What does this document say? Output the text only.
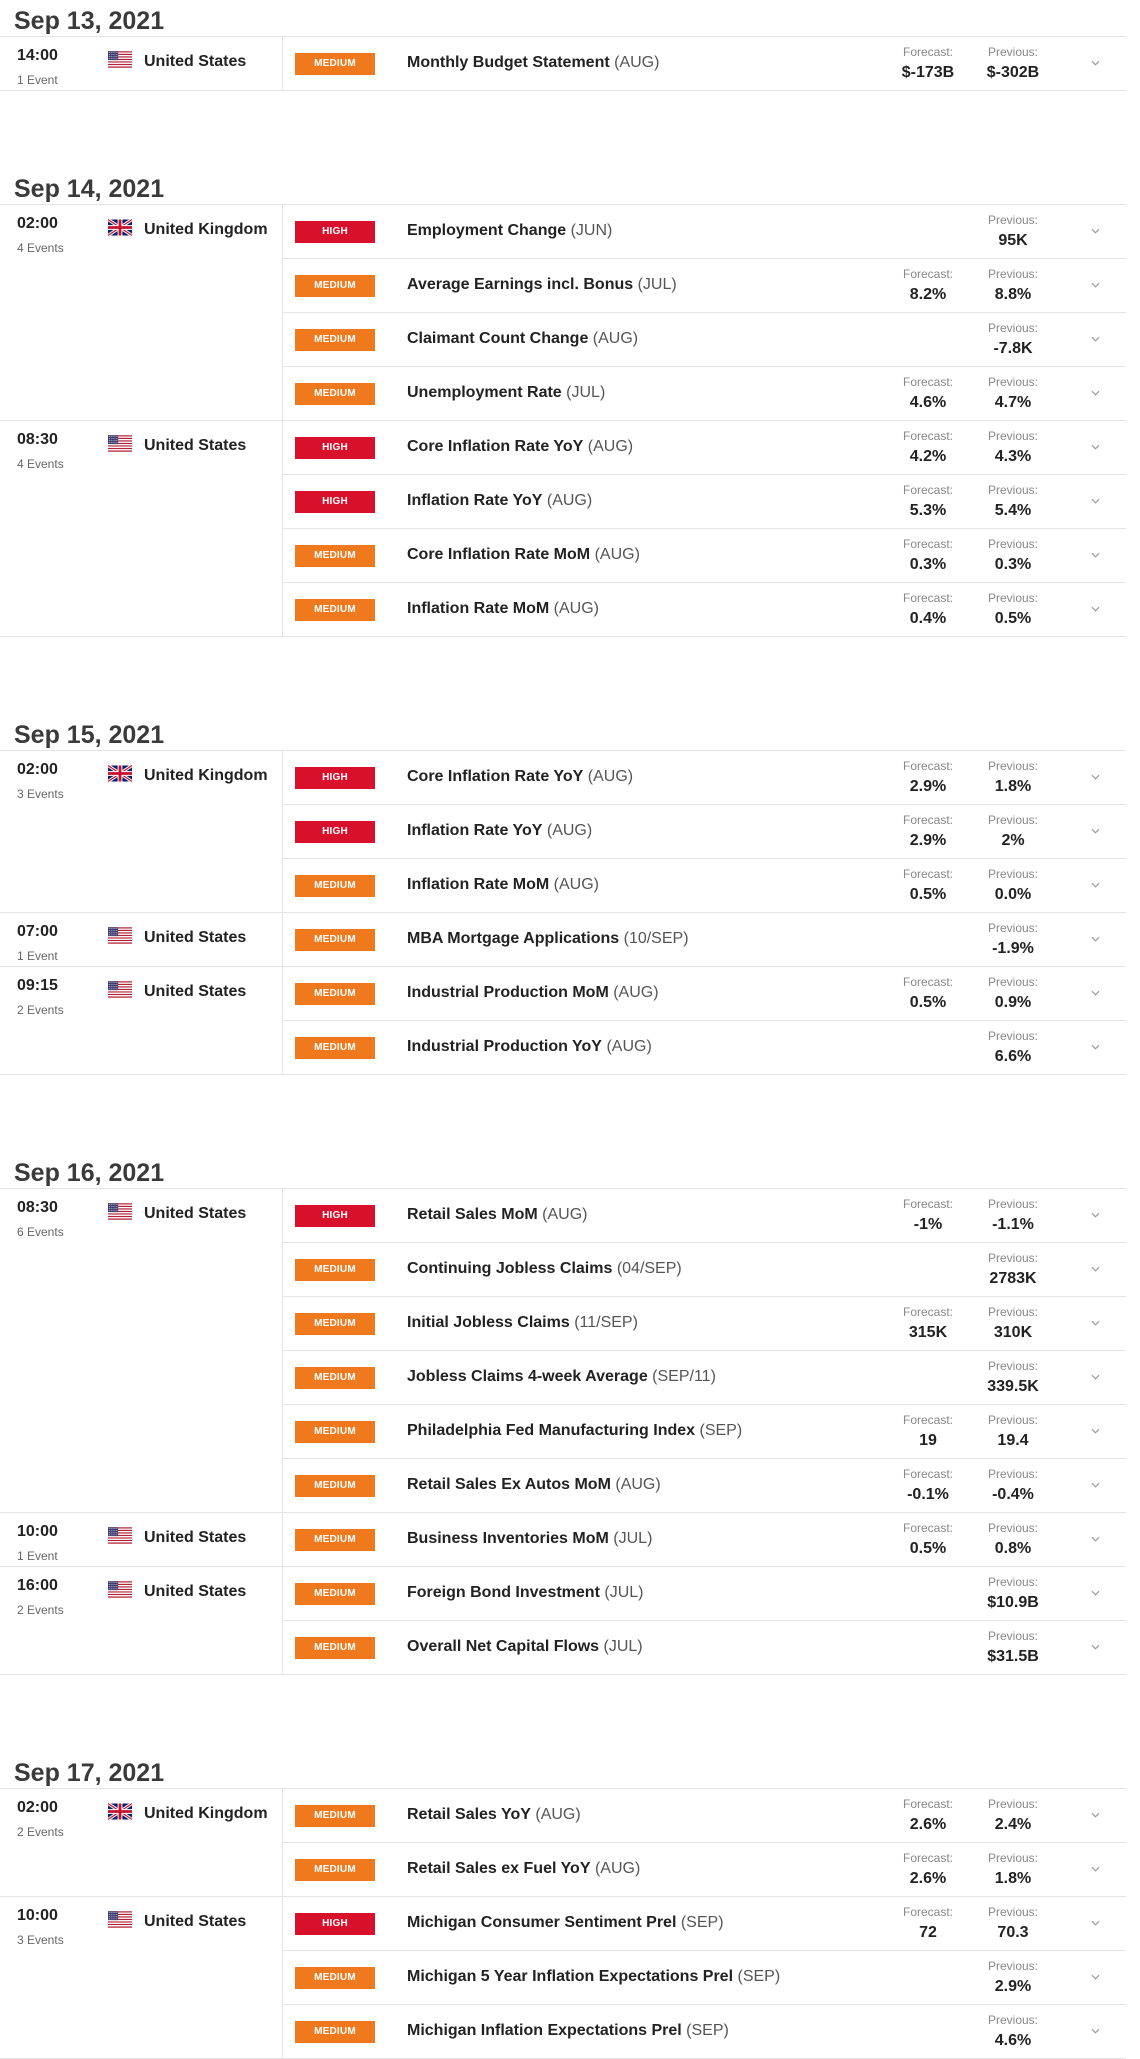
Sep 13, 2021
14:00
1 Event
United States	MEDIUM	Monthly Budget Statement (AUG)
Forecast:
$-173B
Previous:
$-302B
Sep 14, 2021
02:00
4 Events
United Kingdom	HIGH	Employment Change (JUN)
Previous:
95K
MEDIUM	Average Earnings incl. Bonus (JUL)
Forecast:
8.2%
Previous:
8.8%
MEDIUM	Claimant Count Change (AUG)
Previous:
-7.8K
MEDIUM	Unemployment Rate (JUL)
Forecast:
4.6%
Previous:
4.7%
08:30
4 Events
United States	HIGH	Core Inflation Rate YoY (AUG)
Forecast:
4.2%
Previous:
4.3%
HIGH	Inflation Rate YoY (AUG)
Forecast:
5.3%
Previous:
5.4%
MEDIUM	Core Inflation Rate MoM (AUG)
Forecast:
0.3%
Previous:
0.3%
MEDIUM	Inflation Rate MoM (AUG)
Forecast:
0.4%
Previous:
0.5%
Sep 15, 2021
02:00
3 Events
United Kingdom	HIGH	Core Inflation Rate YoY (AUG)
Forecast:
2.9%
Previous:
1.8%
HIGH	Inflation Rate YoY (AUG)
Forecast:
2.9%
Previous:
2%
MEDIUM	Inflation Rate MoM (AUG)
Forecast:
0.5%
Previous:
0.0%
07:00
1 Event
United States	MEDIUM	MBA Mortgage Applications (10/SEP)
Previous:
-1.9%
09:15
2 Events
United States	MEDIUM	Industrial Production MoM (AUG)
Forecast:
0.5%
Previous:
0.9%
MEDIUM	Industrial Production YoY (AUG)
Previous:
6.6%
Sep 16, 2021
08:30
6 Events
United States	HIGH	Retail Sales MoM (AUG)
Forecast:
-1%
Previous:
-1.1%
MEDIUM	Continuing Jobless Claims (04/SEP)
Previous:
2783K
MEDIUM	Initial Jobless Claims (11/SEP)
Forecast:
315K
Previous:
310K
MEDIUM	Jobless Claims 4-week Average (SEP/11)
Previous:
339.5K
MEDIUM	Philadelphia Fed Manufacturing Index (SEP)
Forecast:
19
Previous:
19.4
MEDIUM	Retail Sales Ex Autos MoM (AUG)
Forecast:
-0.1%
Previous:
-0.4%
10:00
1 Event
United States	MEDIUM	Business Inventories MoM (JUL)
Forecast:
0.5%
Previous:
0.8%
16:00
2 Events
United States	MEDIUM	Foreign Bond Investment (JUL)
Previous:
$10.9B
MEDIUM	Overall Net Capital Flows (JUL)
Previous:
$31.5B
Sep 17, 2021
02:00
2 Events
United Kingdom	MEDIUM	Retail Sales YoY (AUG)
Forecast:
2.6%
Previous:
2.4%
MEDIUM	Retail Sales ex Fuel YoY (AUG)
Forecast:
2.6%
Previous:
1.8%
10:00
3 Events
United States	HIGH	Michigan Consumer Sentiment Prel (SEP)
Forecast:
72
Previous:
70.3
MEDIUM	Michigan 5 Year Inflation Expectations Prel (SEP)
Previous:
2.9%
MEDIUM	Michigan Inflation Expectations Prel (SEP)
Previous:
4.6%
